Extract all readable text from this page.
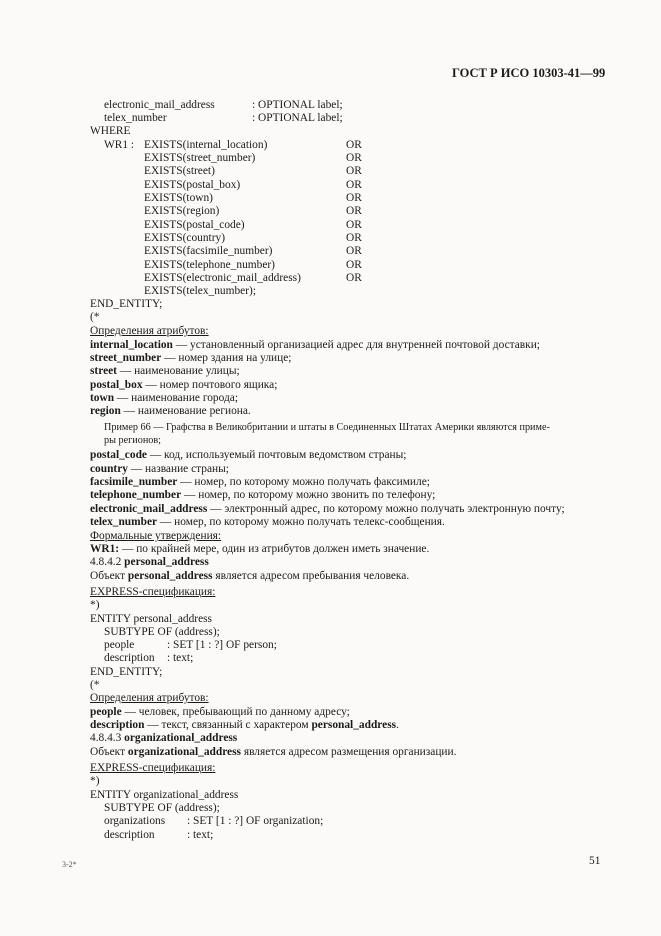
ГОСТ Р ИСО 10303-41—99
electronic_mail_address	: OPTIONAL label;
telex_number	: OPTIONAL label;
WHERE
WR1 : EXISTS(internal_location)	OR
EXISTS(street_number)	OR
EXISTS(street)	OR
EXISTS(postal_box)	OR
EXISTS(town)	OR
EXISTS(region)	OR
EXISTS(postal_code)	OR
EXISTS(country)	OR
EXISTS(facsimile_number)	OR
EXISTS(telephone_number)	OR
EXISTS(electronic_mail_address)	OR
EXISTS(telex_number);
END_ENTITY;
(*
Определения атрибутов:
internal_location — установленный организацией адрес для внутренней почтовой доставки;
street_number — номер здания на улице;
street — наименование улицы;
postal_box — номер почтового ящика;
town — наименование города;
region — наименование региона.
Пример 66 — Графства в Великобритании и штаты в Соединенных Штатах Америки являются приме-
ры регионов;
postal_code — код, используемый почтовым ведомством страны;
country — название страны;
facsimile_number — номер, по которому можно получать факсимиле;
telephone_number — номер, по которому можно звонить по телефону;
electronic_mail_address — электронный адрес, по которому можно получать электронную почту;
telex_number — номер, по которому можно получать телекс-сообщения.
Формальные утверждения:
WR1: — по крайней мере, один из атрибутов должен иметь значение.
4.8.4.2 personal_address
Объект personal_address является адресом пребывания человека.
EXPRESS-спецификация:
*)
ENTITY personal_address
SUBTYPE OF (address);
people	: SET [1 : ?] OF person;
description : text;
END_ENTITY;
(*
Определения атрибутов:
people — человек, пребывающий по данному адресу;
description — текст, связанный с характером personal_address.
4.8.4.3 organizational_address
Объект organizational_address является адресом размещения организации.
EXPRESS-спецификация:
*)
ENTITY organizational_address
SUBTYPE OF (address);
organizations : SET [1 : ?] OF organization;
description	: text;
3-2*	51
